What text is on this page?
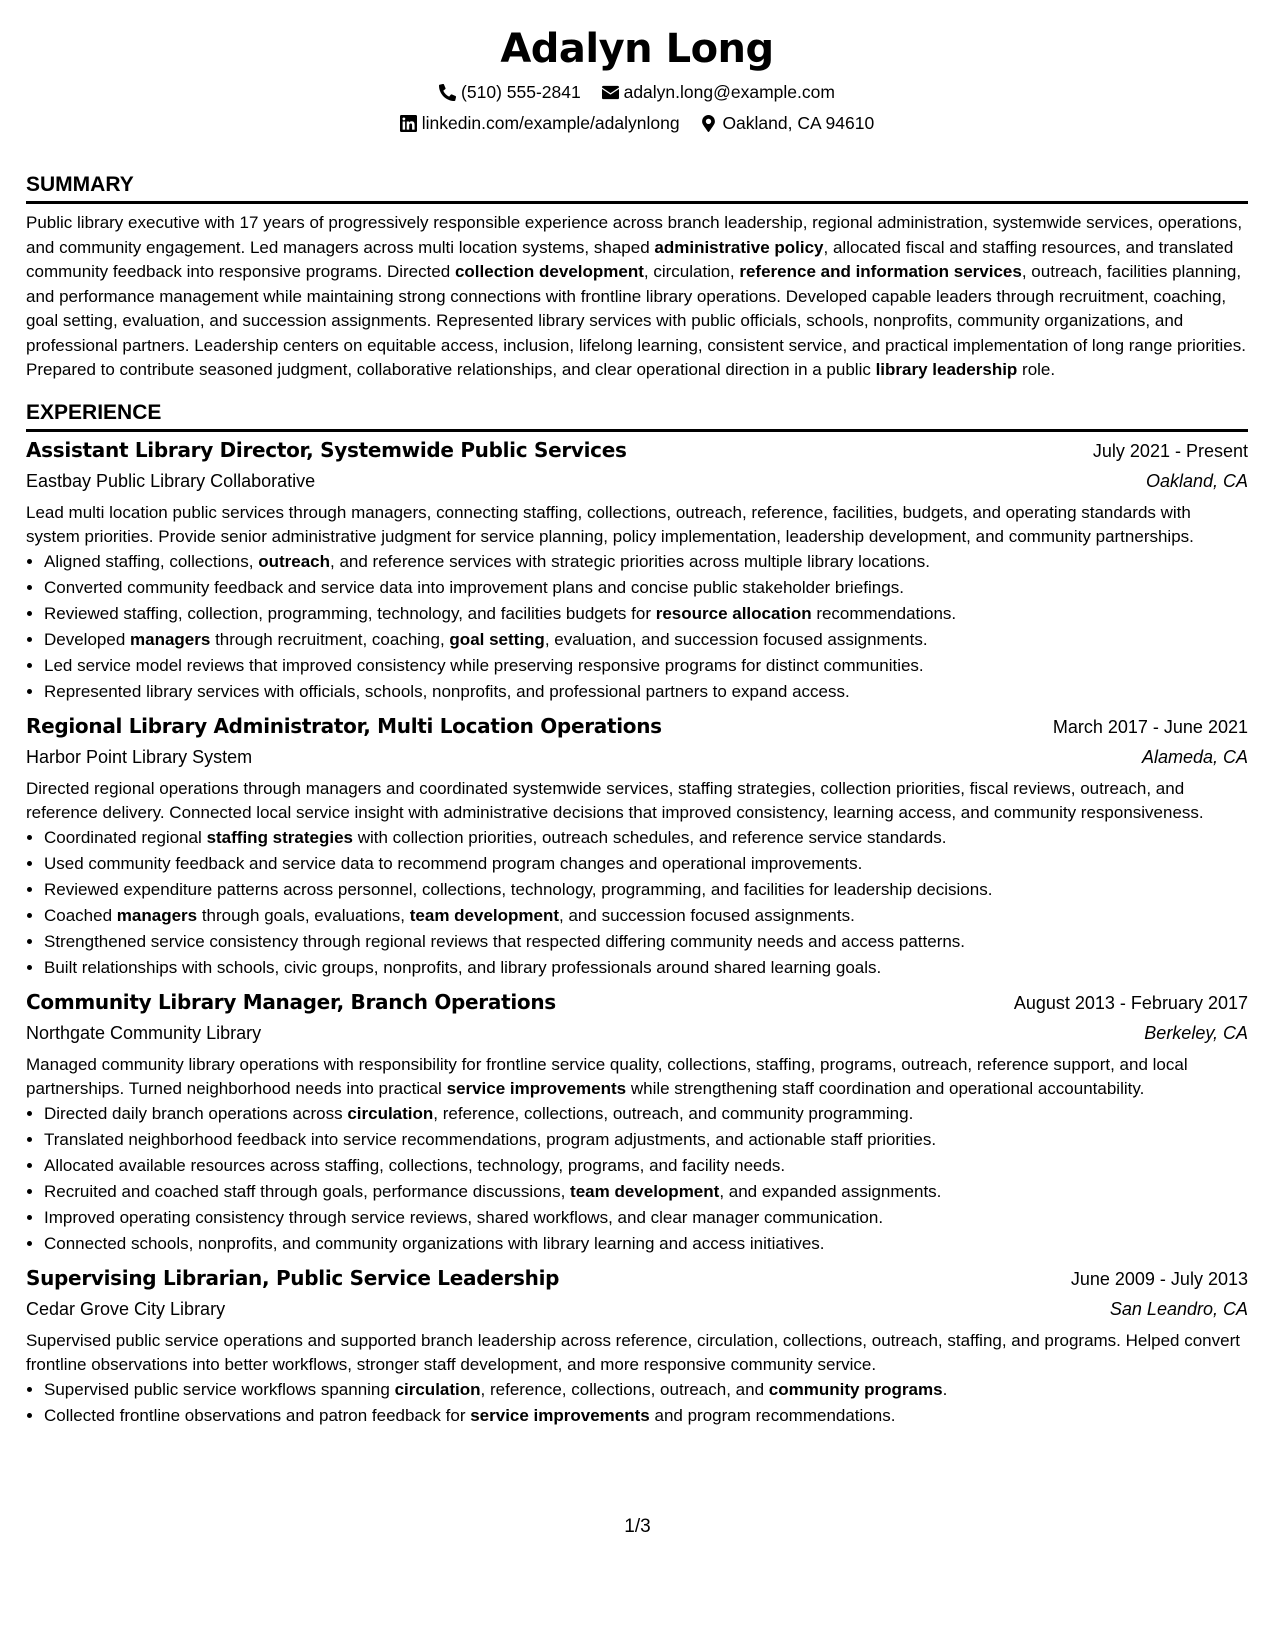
Adalyn Long
(510) 555-2841
adalyn.long@example.com
linkedin.com/example/adalynlong
Oakland, CA 94610
SUMMARY

Public library executive with 17 years of progressively responsible experience across branch leadership, regional administration, systemwide services, operations, and community engagement. Led managers across multi location systems, shaped administrative policy, allocated fiscal and staffing resources, and translated community feedback into responsive programs. Directed collection development, circulation, reference and information services, outreach, facilities planning, and performance management while maintaining strong connections with frontline library operations. Developed capable leaders through recruitment, coaching, goal setting, evaluation, and succession assignments. Represented library services with public officials, schools, nonprofits, community organizations, and professional partners. Leadership centers on equitable access, inclusion, lifelong learning, consistent service, and practical implementation of long range priorities. Prepared to contribute seasoned judgment, collaborative relationships, and clear operational direction in a public library leadership role.

EXPERIENCE
Assistant Library Director, Systemwide Public Services	July 2021 - Present
Eastbay Public Library Collaborative	Oakland, CA

Lead multi location public services through managers, connecting staffing, collections, outreach, reference, facilities, budgets, and operating standards with system priorities. Provide senior administrative judgment for service planning, policy implementation, leadership development, and community partnerships.

• Aligned staffing, collections, outreach, and reference services with strategic priorities across multiple library locations.
• Converted community feedback and service data into improvement plans and concise public stakeholder briefings.
• Reviewed staffing, collection, programming, technology, and facilities budgets for resource allocation recommendations.
• Developed managers through recruitment, coaching, goal setting, evaluation, and succession focused assignments.
• Led service model reviews that improved consistency while preserving responsive programs for distinct communities.
• Represented library services with officials, schools, nonprofits, and professional partners to expand access.
Regional Library Administrator, Multi Location Operations	March 2017 - June 2021
Harbor Point Library System	Alameda, CA

Directed regional operations through managers and coordinated systemwide services, staffing strategies, collection priorities, fiscal reviews, outreach, and reference delivery. Connected local service insight with administrative decisions that improved consistency, learning access, and community responsiveness.

• Coordinated regional staffing strategies with collection priorities, outreach schedules, and reference service standards.
• Used community feedback and service data to recommend program changes and operational improvements.
• Reviewed expenditure patterns across personnel, collections, technology, programming, and facilities for leadership decisions.
• Coached managers through goals, evaluations, team development, and succession focused assignments.
• Strengthened service consistency through regional reviews that respected differing community needs and access patterns.
• Built relationships with schools, civic groups, nonprofits, and library professionals around shared learning goals.
Community Library Manager, Branch Operations	August 2013 - February 2017
Northgate Community Library	Berkeley, CA

Managed community library operations with responsibility for frontline service quality, collections, staffing, programs, outreach, reference support, and local partnerships. Turned neighborhood needs into practical service improvements while strengthening staff coordination and operational accountability.

• Directed daily branch operations across circulation, reference, collections, outreach, and community programming.
• Translated neighborhood feedback into service recommendations, program adjustments, and actionable staff priorities.
• Allocated available resources across staffing, collections, technology, programs, and facility needs.
• Recruited and coached staff through goals, performance discussions, team development, and expanded assignments.
• Improved operating consistency through service reviews, shared workflows, and clear manager communication.
• Connected schools, nonprofits, and community organizations with library learning and access initiatives.
Supervising Librarian, Public Service Leadership	June 2009 - July 2013
Cedar Grove City Library	San Leandro, CA

Supervised public service operations and supported branch leadership across reference, circulation, collections, outreach, staffing, and programs. Helped convert frontline observations into better workflows, stronger staff development, and more responsive community service.

• Supervised public service workflows spanning circulation, reference, collections, outreach, and community programs.
• Collected frontline observations and patron feedback for service improvements and program recommendations.
1/3
